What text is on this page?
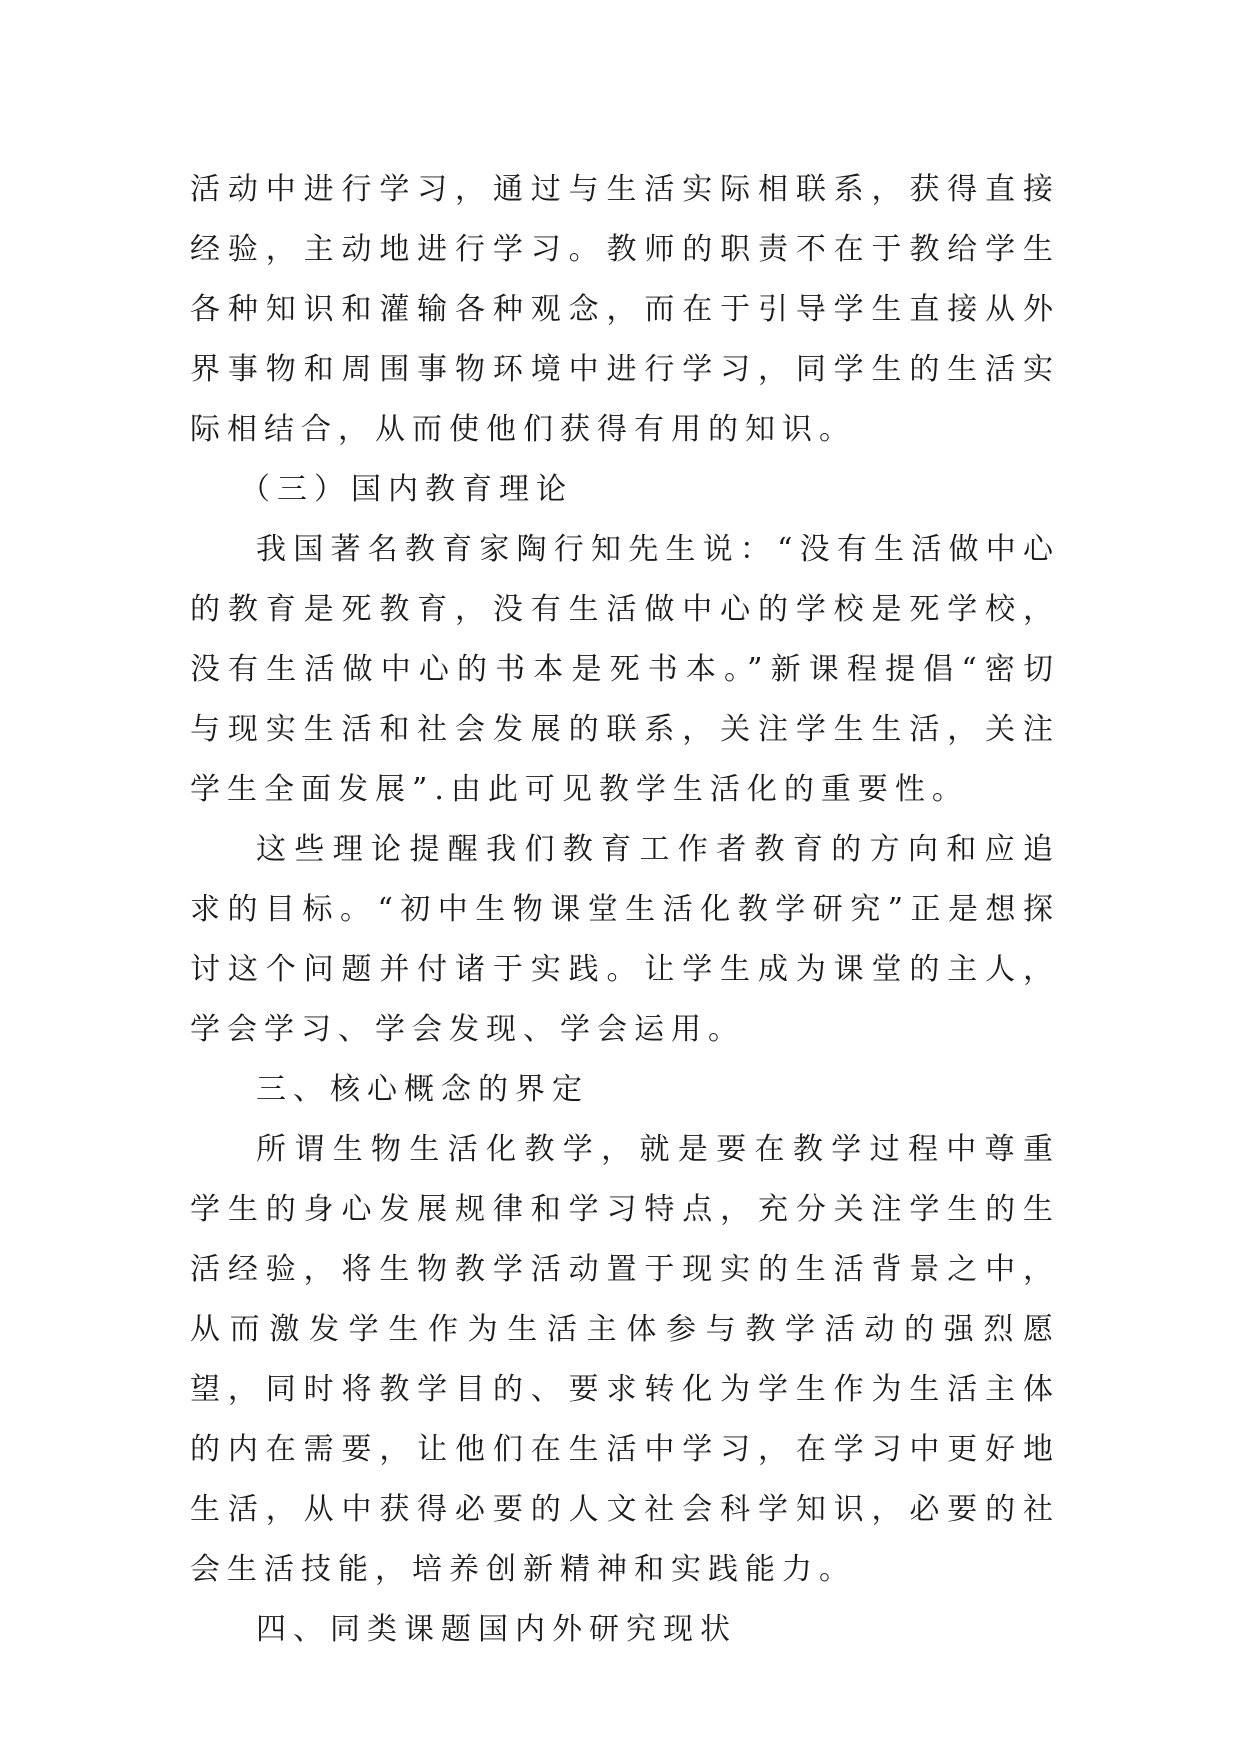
活动中进行学习，通过与生活实际相联系，获得直接经验，主动地进行学习。教师的职责不在于教给学生各种知识和灌输各种观念，而在于引导学生直接从外界事物和周围事物环境中进行学习，同学生的生活实际相结合，从而使他们获得有用的知识。

（三）国内教育理论

我国著名教育家陶行知先生说：“没有生活做中心的教育是死教育，没有生活做中心的学校是死学校，没有生活做中心的书本是死书本。”新课程提倡“密切与现实生活和社会发展的联系，关注学生生活，关注学生全面发展”.由此可见教学生活化的重要性。

这些理论提醒我们教育工作者教育的方向和应追求的目标。“初中生物课堂生活化教学研究”正是想探讨这个问题并付诸于实践。让学生成为课堂的主人，学会学习、学会发现、学会运用。

三、核心概念的界定

所谓生物生活化教学，就是要在教学过程中尊重学生的身心发展规律和学习特点，充分关注学生的生活经验，将生物教学活动置于现实的生活背景之中，从而激发学生作为生活主体参与教学活动的强烈愿望，同时将教学目的、要求转化为学生作为生活主体的内在需要，让他们在生活中学习，在学习中更好地生活，从中获得必要的人文社会科学知识，必要的社会生活技能，培养创新精神和实践能力。

四、同类课题国内外研究现状
